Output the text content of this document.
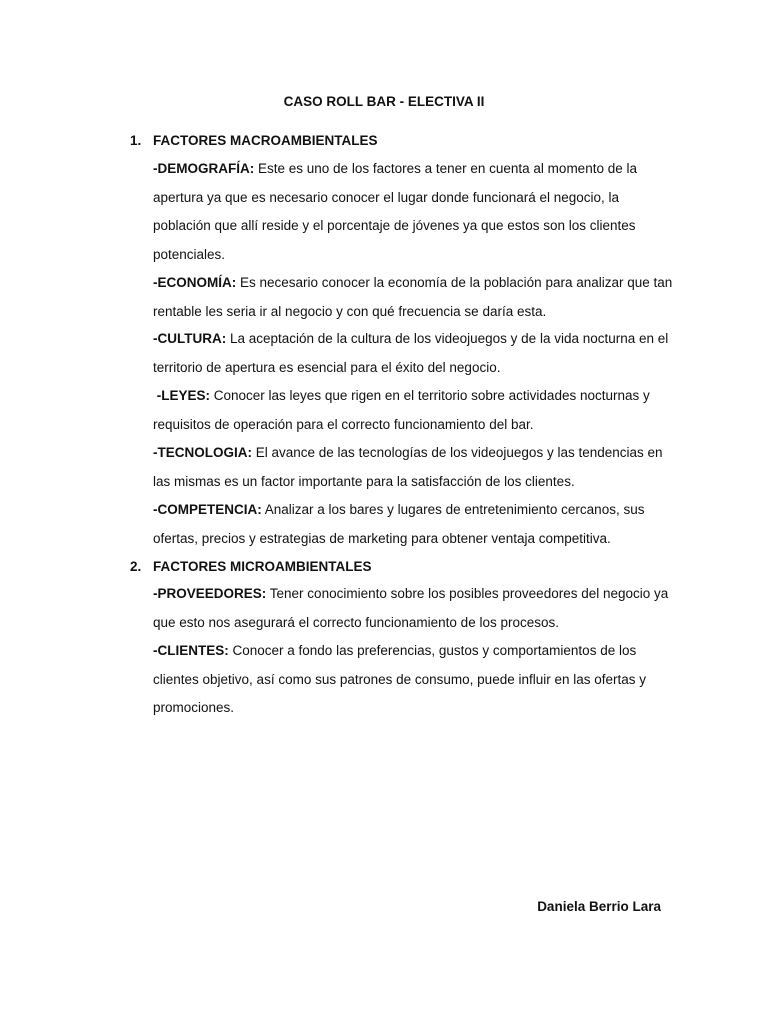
CASO ROLL BAR - ELECTIVA II
1. FACTORES MACROAMBIENTALES
-DEMOGRAFÍA: Este es uno de los factores a tener en cuenta al momento de la apertura ya que es necesario conocer el lugar donde funcionará el negocio, la población que allí reside y el porcentaje de jóvenes ya que estos son los clientes potenciales.
-ECONOMÍA: Es necesario conocer la economía de la población para analizar que tan rentable les seria ir al negocio y con qué frecuencia se daría esta.
-CULTURA: La aceptación de la cultura de los videojuegos y de la vida nocturna en el territorio de apertura es esencial para el éxito del negocio.
-LEYES: Conocer las leyes que rigen en el territorio sobre actividades nocturnas y requisitos de operación para el correcto funcionamiento del bar.
-TECNOLOGIA: El avance de las tecnologías de los videojuegos y las tendencias en las mismas es un factor importante para la satisfacción de los clientes.
-COMPETENCIA: Analizar a los bares y lugares de entretenimiento cercanos, sus ofertas, precios y estrategias de marketing para obtener ventaja competitiva.
2. FACTORES MICROAMBIENTALES
-PROVEEDORES: Tener conocimiento sobre los posibles proveedores del negocio ya que esto nos asegurará el correcto funcionamiento de los procesos.
-CLIENTES: Conocer a fondo las preferencias, gustos y comportamientos de los clientes objetivo, así como sus patrones de consumo, puede influir en las ofertas y promociones.
Daniela Berrio Lara
